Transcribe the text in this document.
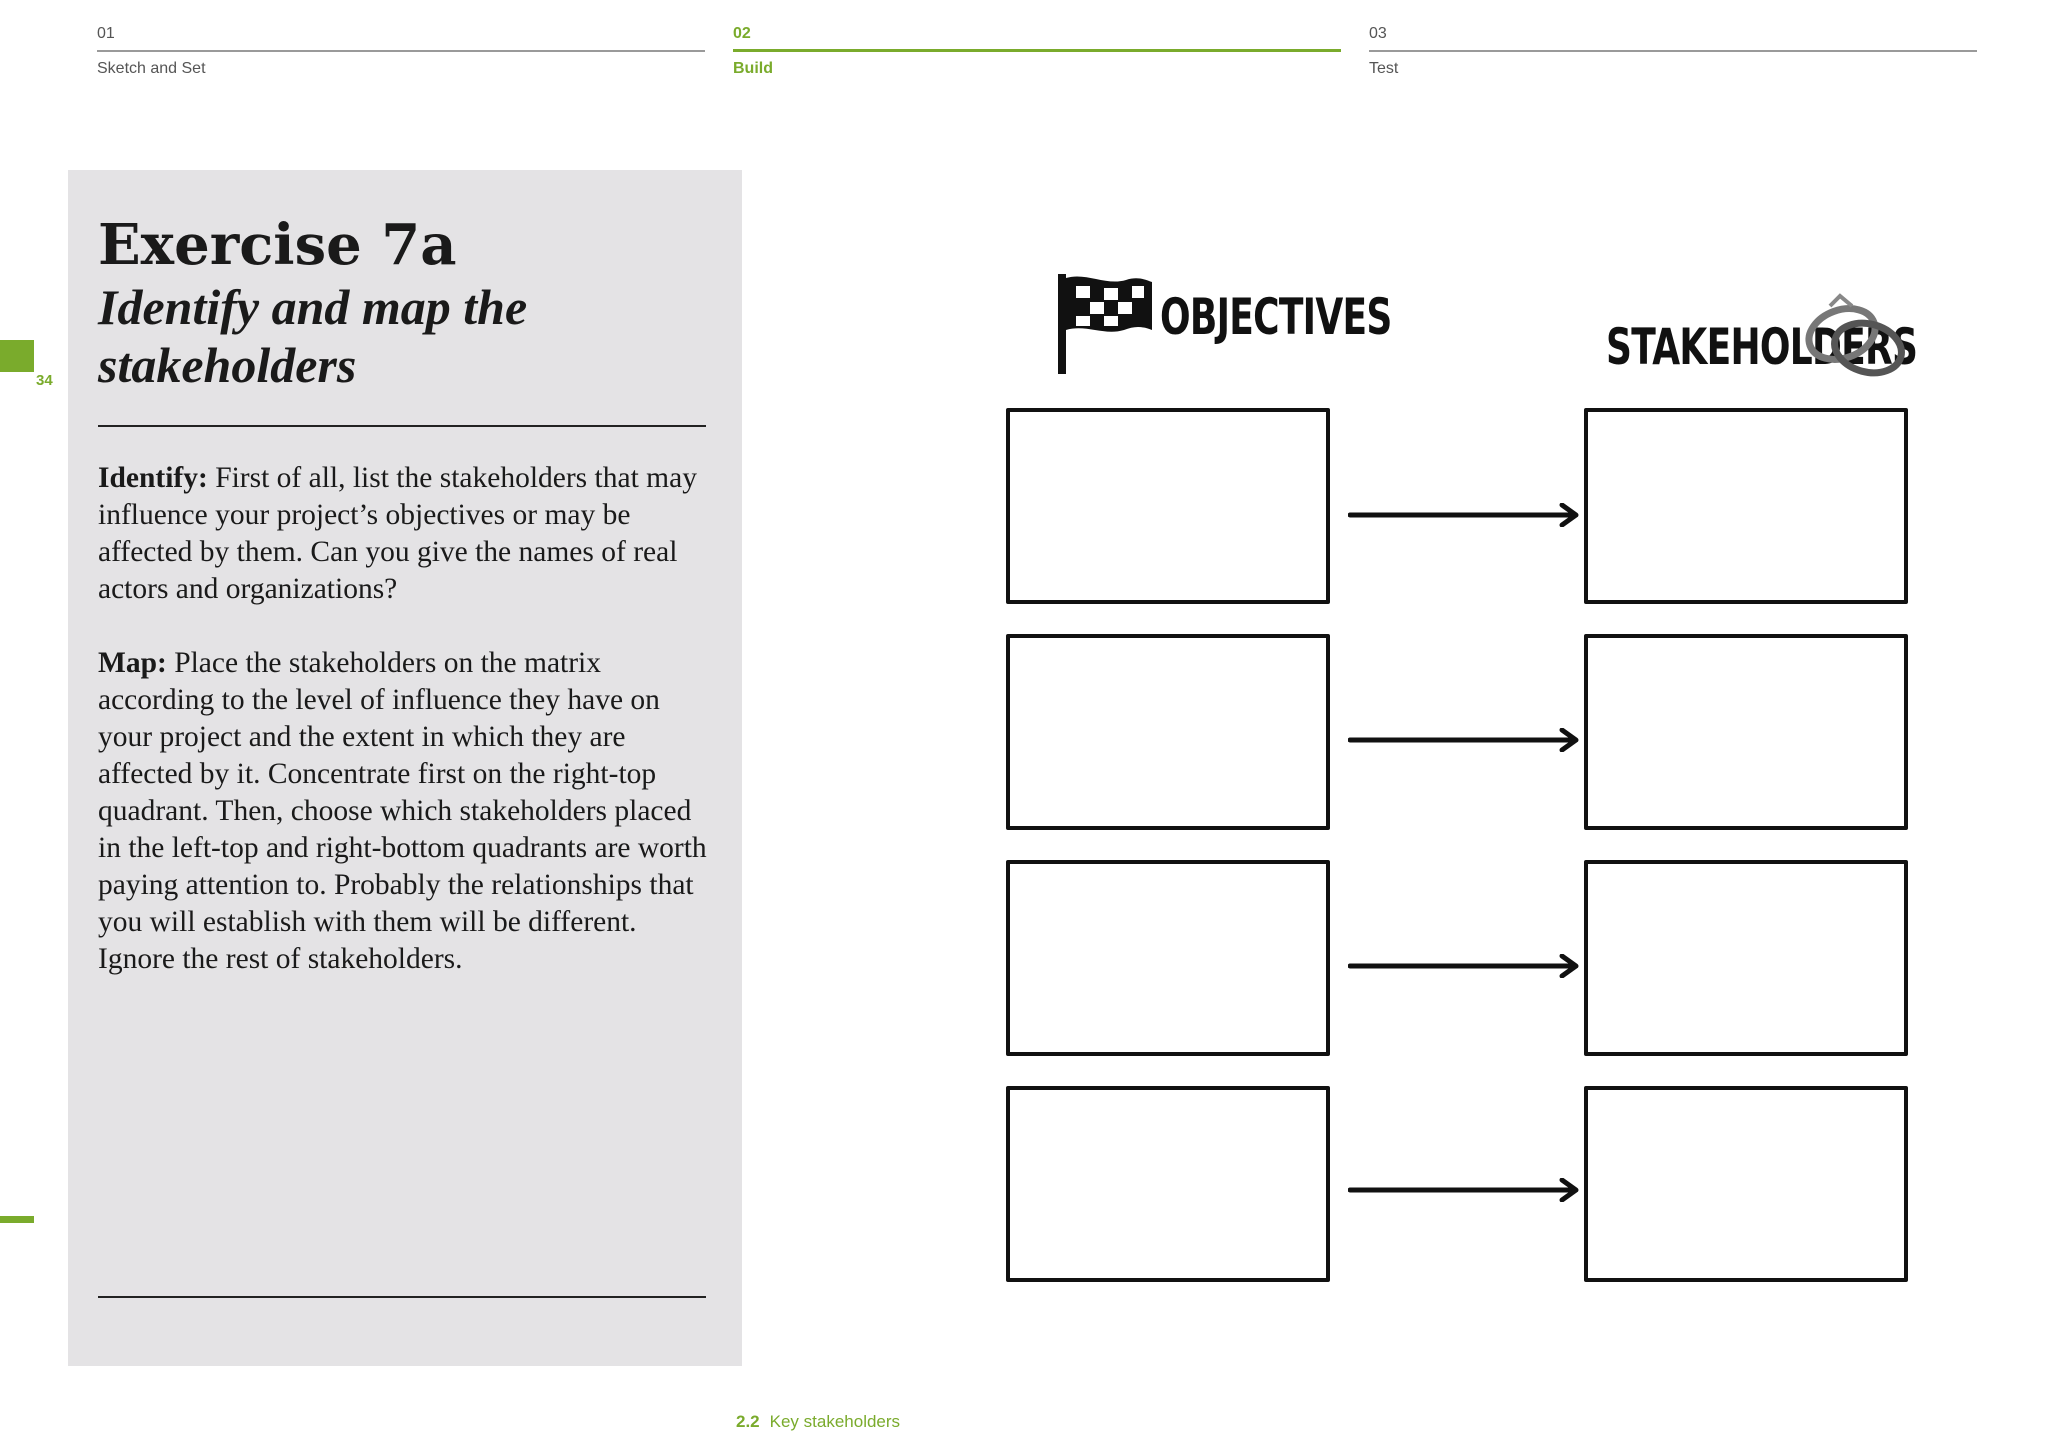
01
Sketch and Set
02
Build
03
Test
34
Exercise 7a
Identify and map the stakeholders

Identify: First of all, list the stakeholders that may influence your project’s objectives or may be affected by them. Can you give the names of real actors and organizations?

Map: Place the stakeholders on the matrix according to the level of influence they have on your project and the extent in which they are affected by it. Concentrate first on the right-top quadrant. Then, choose which stakeholders placed in the left-top and right-bottom quadrants are worth paying attention to. Probably the relationships that you will establish with them will be different. Ignore the rest of stakeholders.

OBJECTIVES
STAKEHOLDERS
2.2 Key stakeholders
